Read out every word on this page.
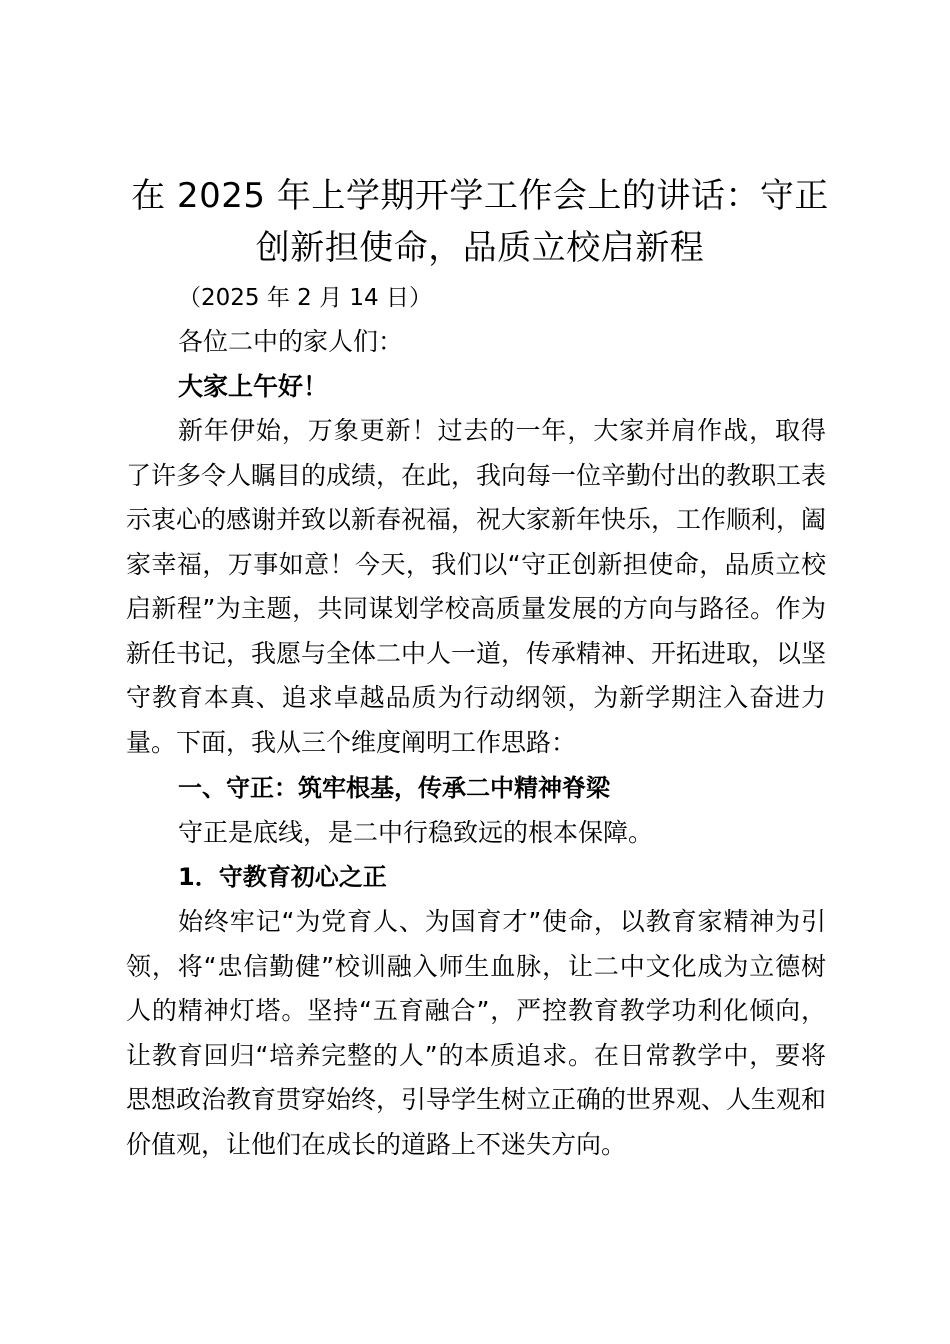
在 2025 年上学期开学工作会上的讲话：守正创新担使命，品质立校启新程
（2025 年 2 月 14 日）
各位二中的家人们：
大家上午好！
新年伊始，万象更新！过去的一年，大家并肩作战，取得了许多令人瞩目的成绩，在此，我向每一位辛勤付出的教职工表示衷心的感谢并致以新春祝福，祝大家新年快乐，工作顺利，阖家幸福，万事如意！今天，我们以“守正创新担使命，品质立校启新程”为主题，共同谋划学校高质量发展的方向与路径。作为新任书记，我愿与全体二中人一道，传承精神、开拓进取，以坚守教育本真、追求卓越品质为行动纲领，为新学期注入奋进力量。下面，我从三个维度阐明工作思路：
一、守正：筑牢根基，传承二中精神脊梁
守正是底线，是二中行稳致远的根本保障。
1．守教育初心之正
始终牢记“为党育人、为国育才”使命，以教育家精神为引领，将“忠信勤健”校训融入师生血脉，让二中文化成为立德树人的精神灯塔。坚持“五育融合”，严控教育教学功利化倾向，让教育回归“培养完整的人”的本质追求。在日常教学中，要将思想政治教育贯穿始终，引导学生树立正确的世界观、人生观和价值观，让他们在成长的道路上不迷失方向。
